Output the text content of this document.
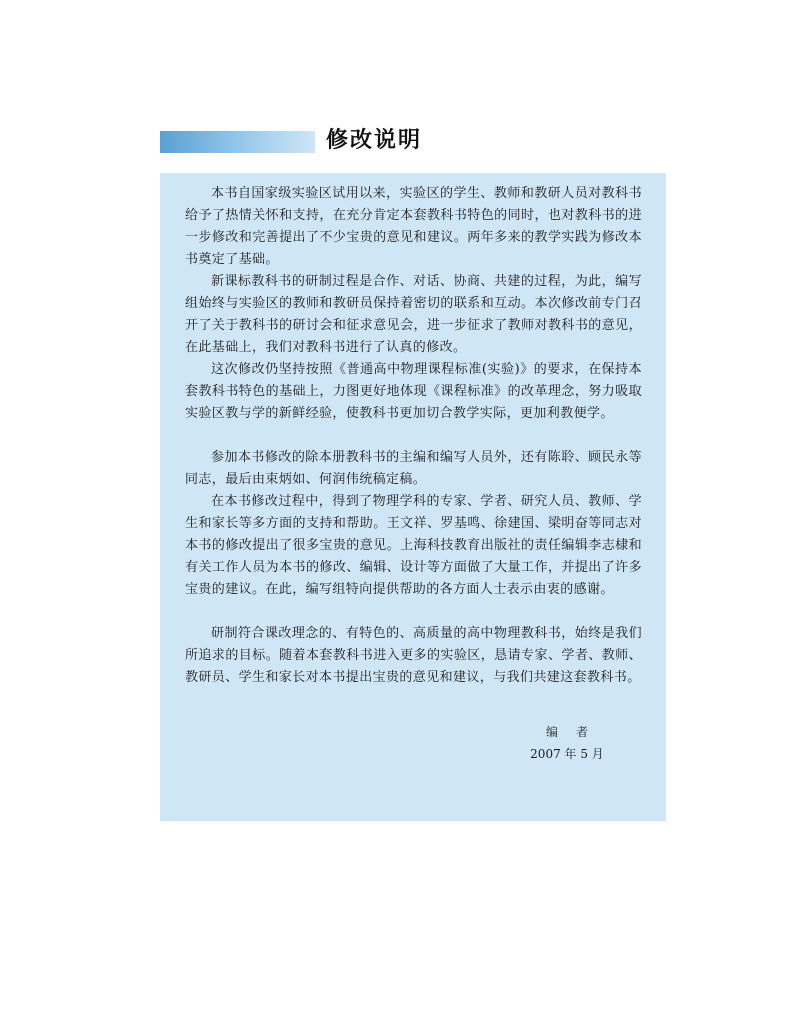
修改说明

本书自国家级实验区试用以来，实验区的学生、教师和教研人员对教科书给予了热情关怀和支持，在充分肯定本套教科书特色的同时，也对教科书的进一步修改和完善提出了不少宝贵的意见和建议。两年多来的教学实践为修改本书奠定了基础。

新课标教科书的研制过程是合作、对话、协商、共建的过程，为此，编写组始终与实验区的教师和教研员保持着密切的联系和互动。本次修改前专门召开了关于教科书的研讨会和征求意见会，进一步征求了教师对教科书的意见，在此基础上，我们对教科书进行了认真的修改。

这次修改仍坚持按照《普通高中物理课程标准(实验)》的要求，在保持本套教科书特色的基础上，力图更好地体现《课程标准》的改革理念，努力吸取实验区教与学的新鲜经验，使教科书更加切合教学实际，更加利教便学。

参加本书修改的除本册教科书的主编和编写人员外，还有陈聆、顾民永等同志，最后由束炳如、何润伟统稿定稿。

在本书修改过程中，得到了物理学科的专家、学者、研究人员、教师、学生和家长等多方面的支持和帮助。王文祥、罗基鸣、徐建国、梁明奋等同志对本书的修改提出了很多宝贵的意见。上海科技教育出版社的责任编辑李志棣和有关工作人员为本书的修改、编辑、设计等方面做了大量工作，并提出了许多宝贵的建议。在此，编写组特向提供帮助的各方面人士表示由衷的感谢。

研制符合课改理念的、有特色的、高质量的高中物理教科书，始终是我们所追求的目标。随着本套教科书进入更多的实验区，恳请专家、学者、教师、教研员、学生和家长对本书提出宝贵的意见和建议，与我们共建这套教科书。

编者
2007 年 5 月
